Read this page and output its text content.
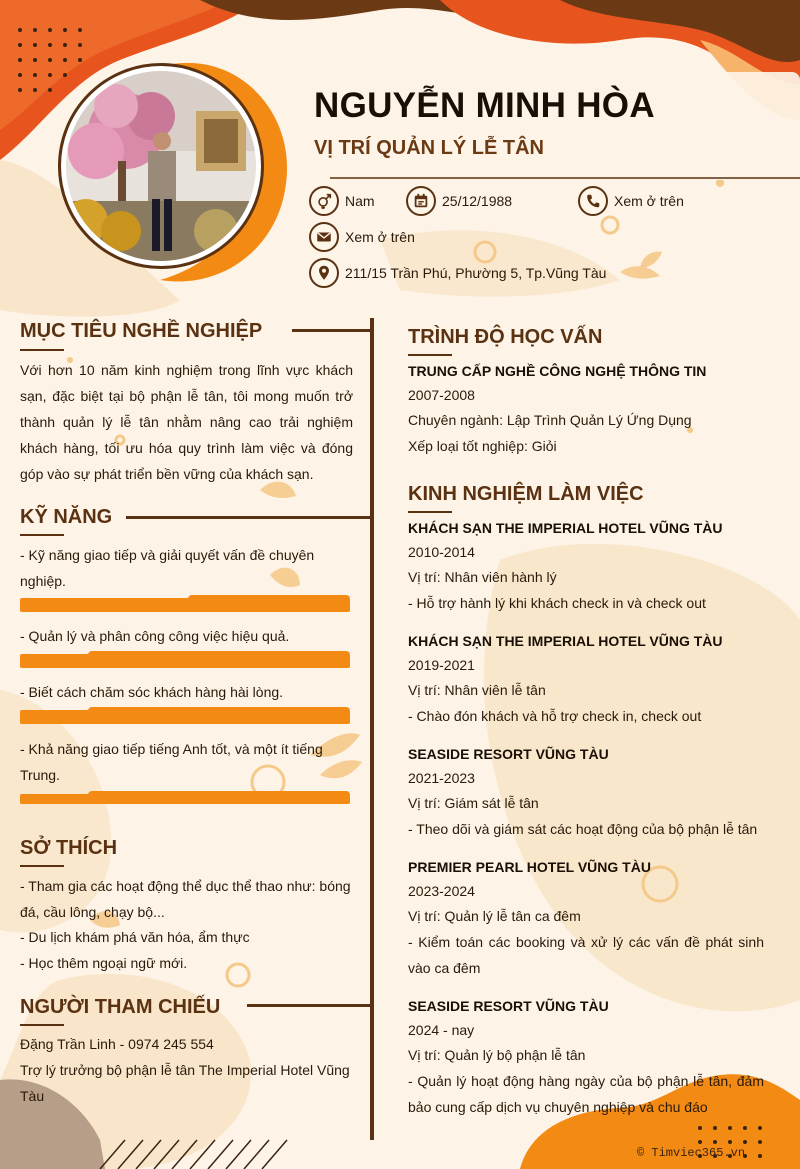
NGUYỄN MINH HÒA
VỊ TRÍ QUẢN LÝ LỄ TÂN
Nam	25/12/1988	Xem ở trên
Xem ở trên
211/15 Trần Phú, Phường 5, Tp.Vũng Tàu
MỤC TIÊU NGHỀ NGHIỆP
Với hơn 10 năm kinh nghiệm trong lĩnh vực khách sạn, đặc biệt tại bộ phận lễ tân, tôi mong muốn trở thành quản lý lễ tân nhằm nâng cao trải nghiệm khách hàng, tối ưu hóa quy trình làm việc và đóng góp vào sự phát triển bền vững của khách sạn.
KỸ NĂNG
- Kỹ năng giao tiếp và giải quyết vấn đề chuyên nghiệp.
- Quản lý và phân công công việc hiệu quả.
- Biết cách chăm sóc khách hàng hài lòng.
- Khả năng giao tiếp tiếng Anh tốt, và một ít tiếng Trung.
SỞ THÍCH
- Tham gia các hoạt động thể dục thể thao như: bóng đá, cầu lông, chạy bộ...
- Du lịch khám phá văn hóa, ẩm thực
- Học thêm ngoại ngữ mới.
NGƯỜI THAM CHIẾU
Đặng Trần Linh - 0974 245 554
Trợ lý trưởng bộ phận lễ tân The Imperial Hotel Vũng Tàu
TRÌNH ĐỘ HỌC VẤN
TRUNG CẤP NGHỀ CÔNG NGHỆ THÔNG TIN
2007-2008
Chuyên ngành: Lập Trình Quản Lý Ứng Dụng
Xếp loại tốt nghiệp: Giỏi
KINH NGHIỆM LÀM VIỆC
KHÁCH SẠN THE IMPERIAL HOTEL VŨNG TÀU
2010-2014
Vị trí: Nhân viên hành lý
- Hỗ trợ hành lý khi khách check in và check out
KHÁCH SẠN THE IMPERIAL HOTEL VŨNG TÀU
2019-2021
Vị trí: Nhân viên lễ tân
- Chào đón khách và hỗ trợ check in, check out
SEASIDE RESORT VŨNG TÀU
2021-2023
Vị trí: Giám sát lễ tân
- Theo dõi và giám sát các hoạt động của bộ phận lễ tân
PREMIER PEARL HOTEL VŨNG TÀU
2023-2024
Vị trí: Quản lý lễ tân ca đêm
- Kiểm toán các booking và xử lý các vấn đề phát sinh vào ca đêm
SEASIDE RESORT VŨNG TÀU
2024 - nay
Vị trí: Quản lý bộ phận lễ tân
- Quản lý hoạt động hàng ngày của bộ phận lễ tân, đảm bảo cung cấp dịch vụ chuyên nghiệp và chu đáo
© Timviec365.vn
